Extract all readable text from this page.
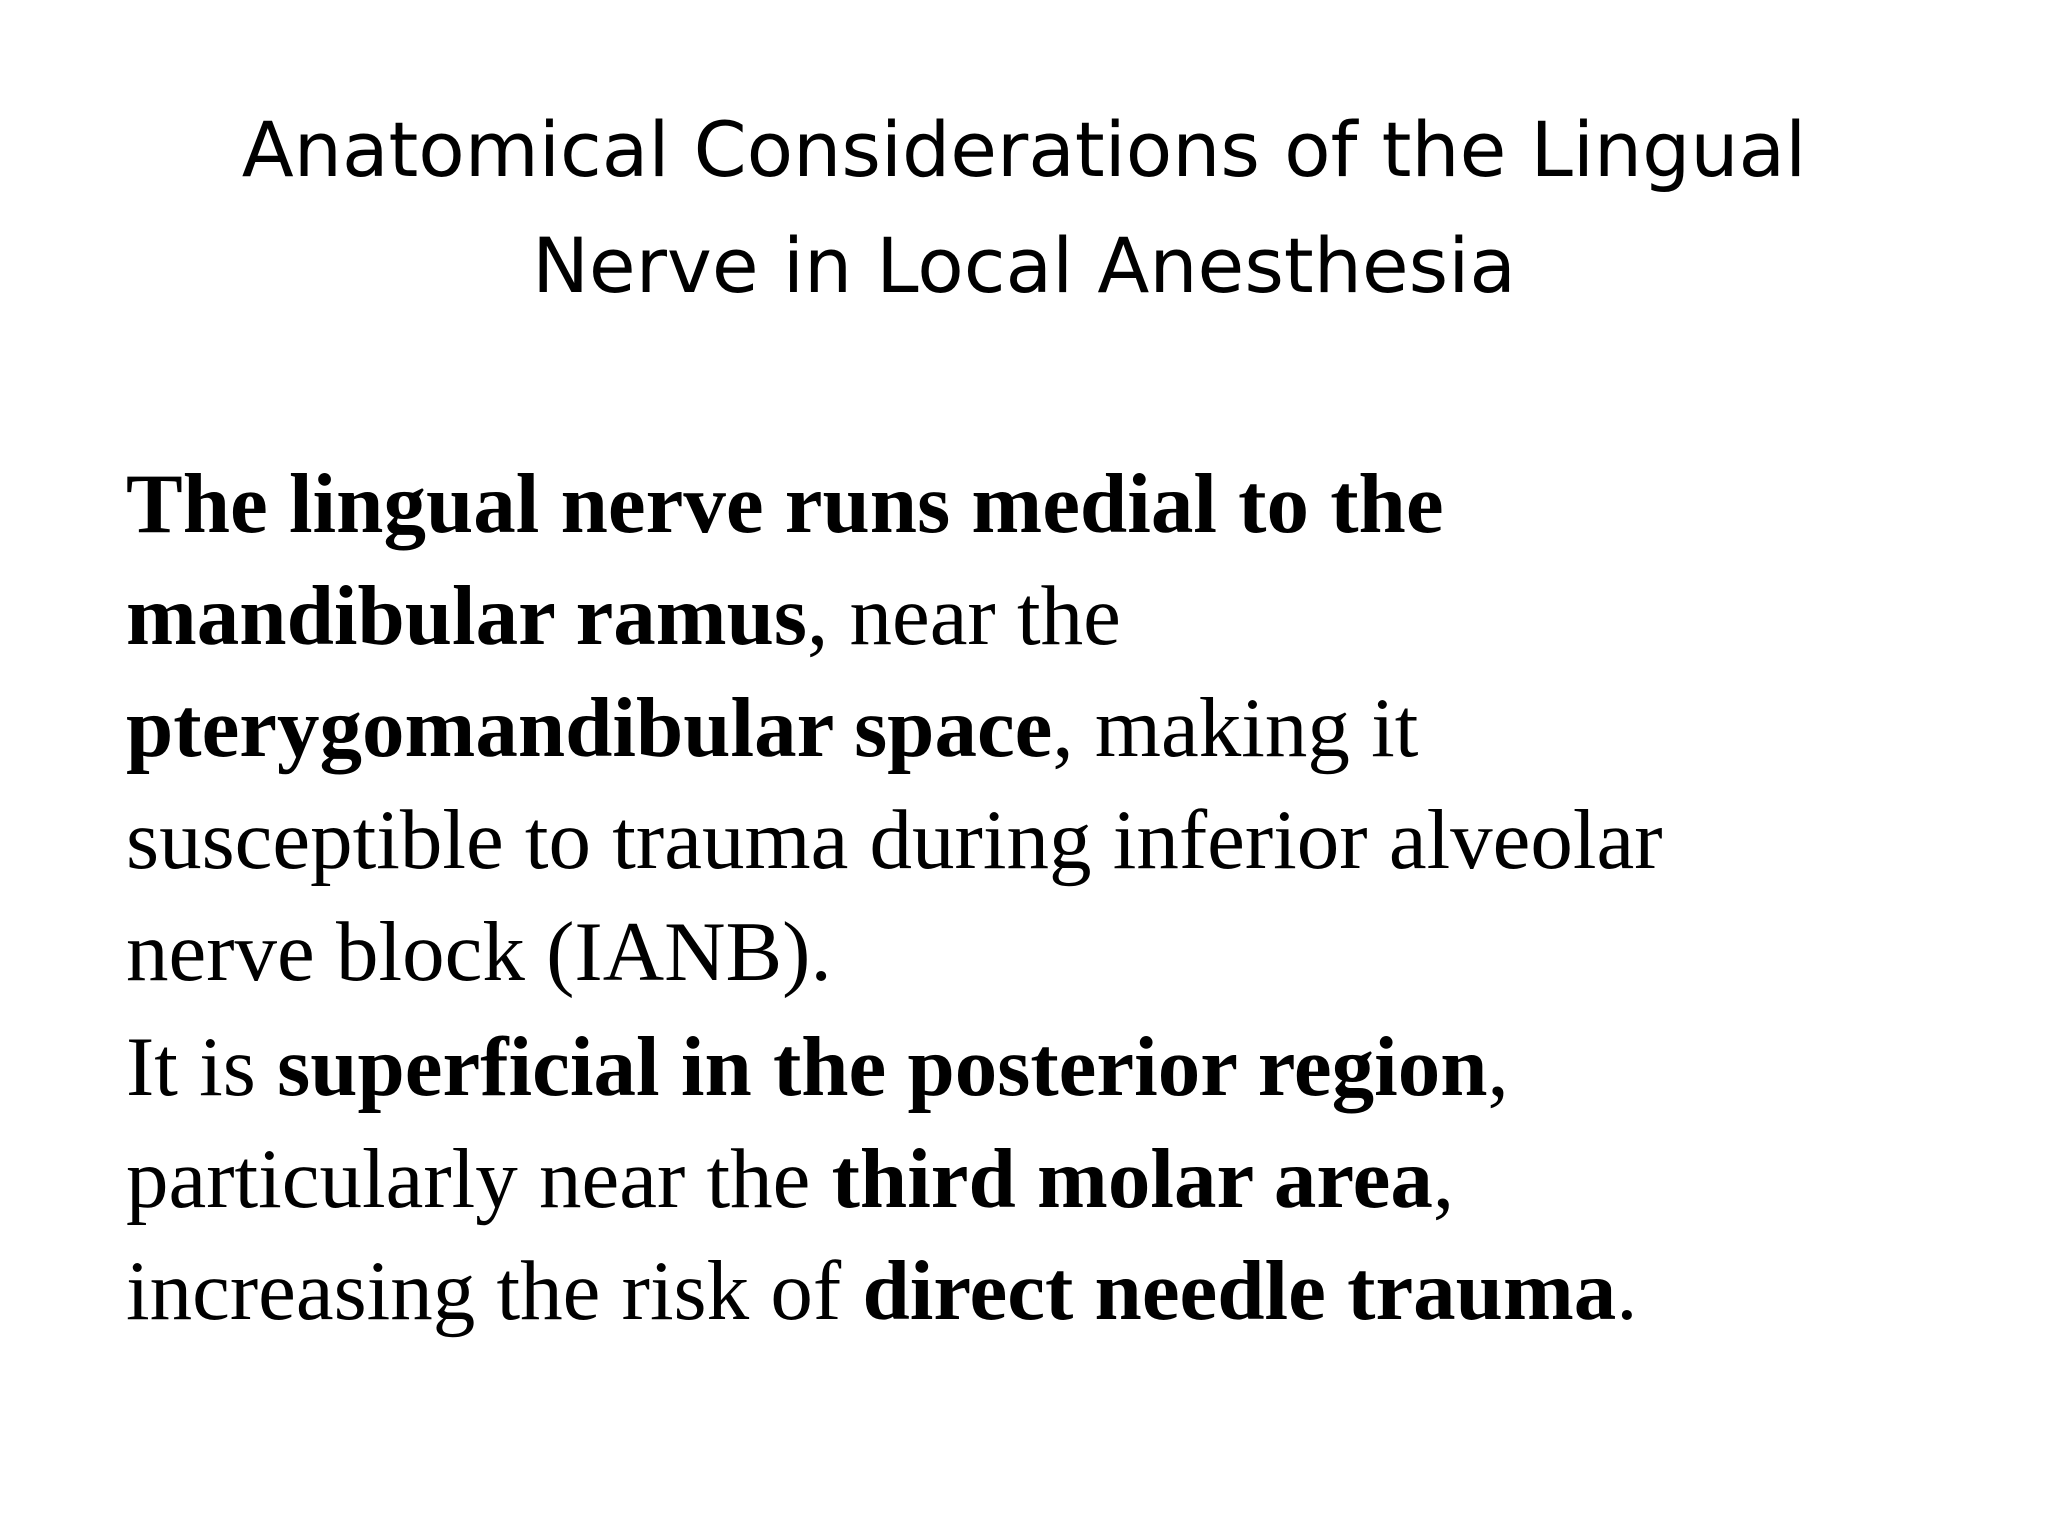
Anatomical Considerations of the Lingual
Nerve in Local Anesthesia

The lingual nerve runs medial to the
mandibular ramus, near the
pterygomandibular space, making it
susceptible to trauma during inferior alveolar
nerve block (IANB).

It is superficial in the posterior region,
particularly near the third molar area,
increasing the risk of direct needle trauma.
